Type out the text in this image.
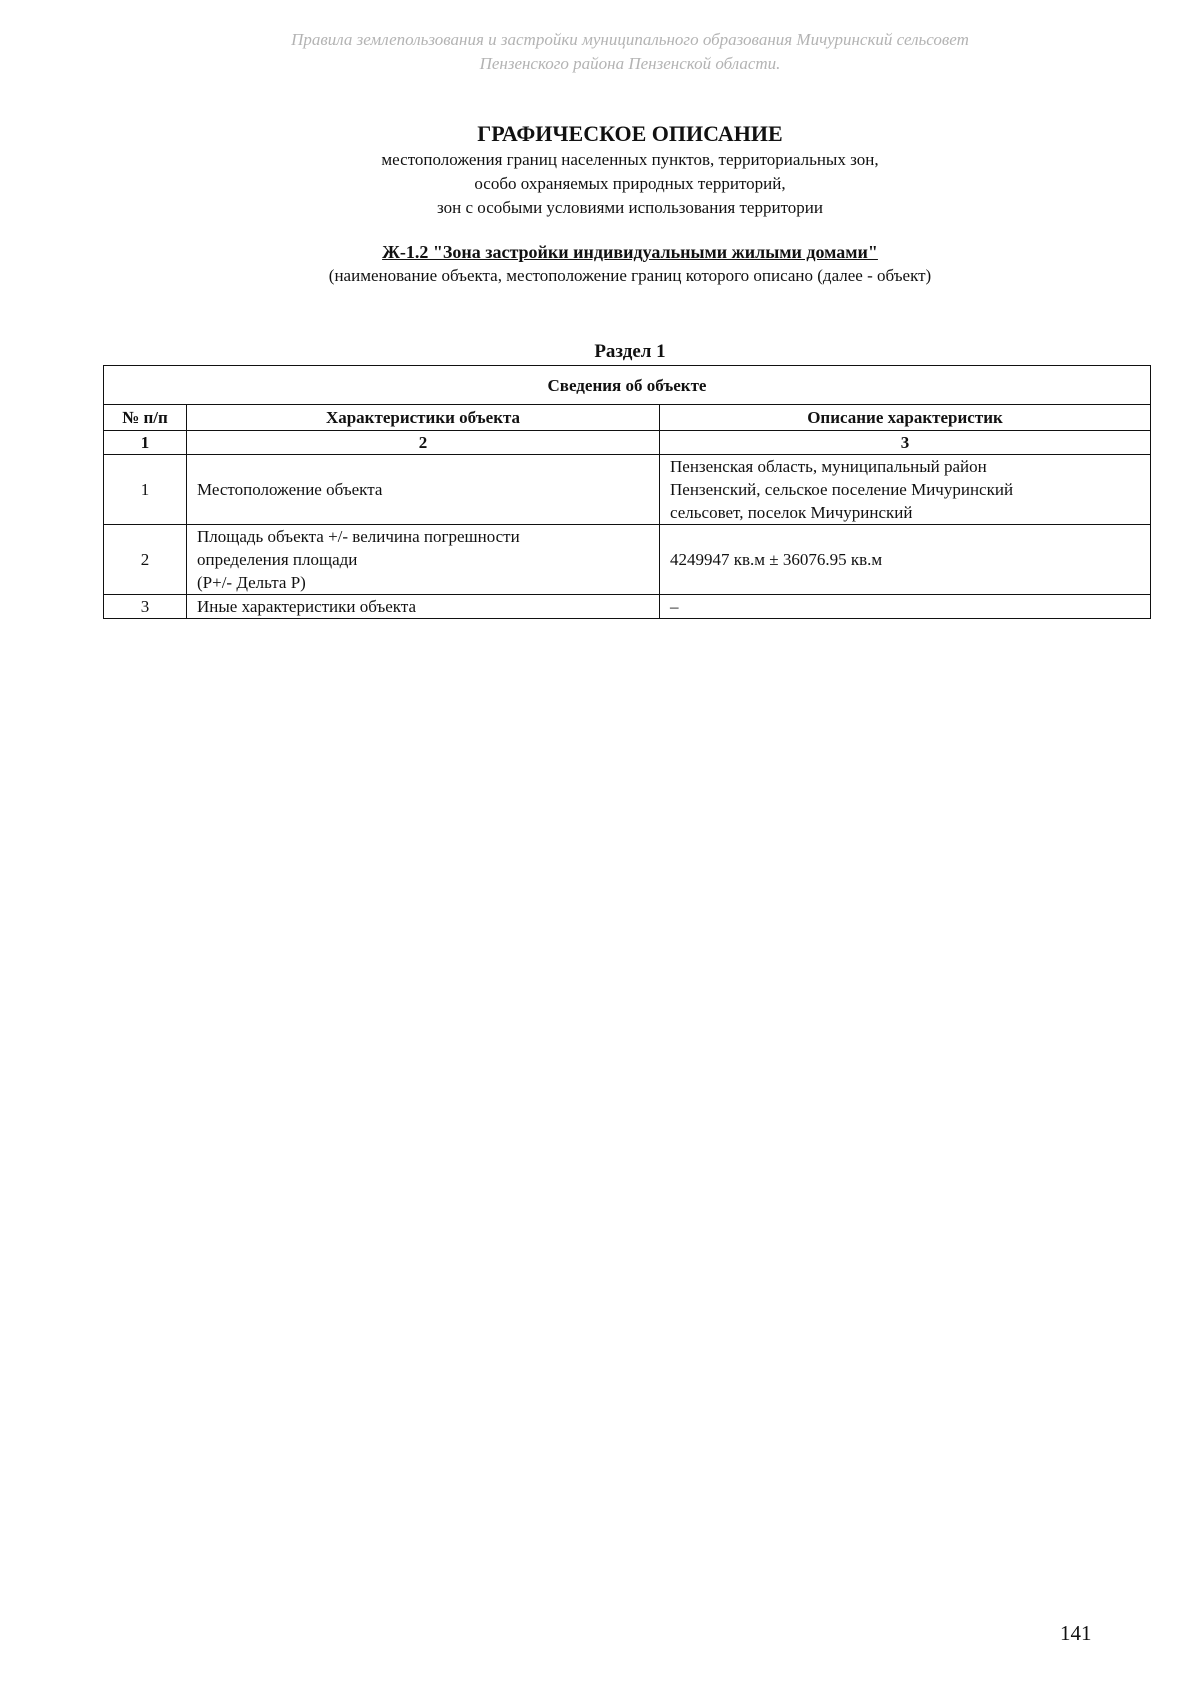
Правила землепользования и застройки муниципального образования Мичуринский сельсовет
Пензенского района Пензенской области.
ГРАФИЧЕСКОЕ ОПИСАНИЕ
местоположения границ населенных пунктов, территориальных зон,
особо охраняемых природных территорий,
зон с особыми условиями использования территории
Ж-1.2 "Зона застройки индивидуальными жилыми домами"
(наименование объекта, местоположение границ которого описано (далее - объект)
Раздел 1
Сведения об объекте		
№ п/п	Характеристики объекта	Описание характеристик
1	2	3
1	Местоположение объекта	Пензенская область, муниципальный район
Пензенский, сельское поселение Мичуринский
сельсовет, поселок Мичуринский

2	Площадь объекта +/- величина погрешности
определения площади
(P+/- Дельта P)	4249947 кв.м ± 36076.95 кв.м

3	Иные характеристики объекта	–
141
